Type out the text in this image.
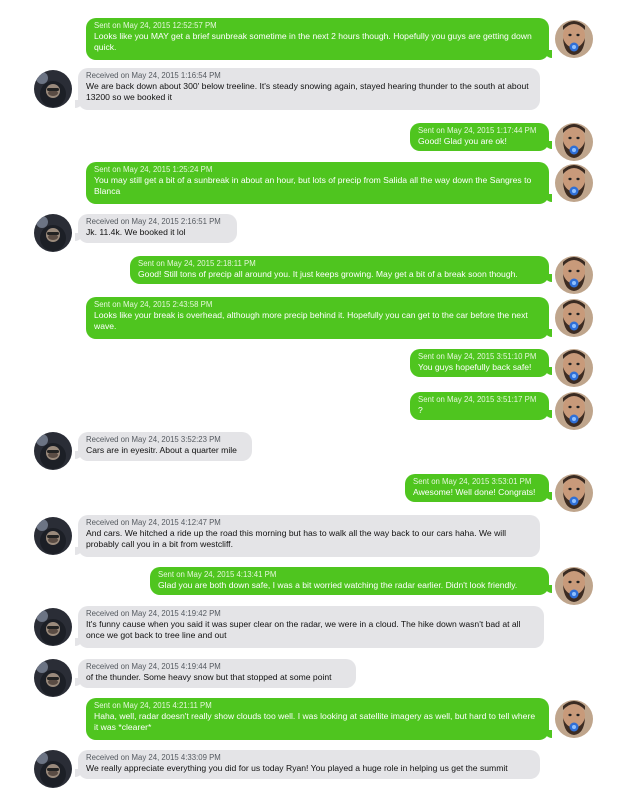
Sent on May 24, 2015 12:52:57 PM
Looks like you MAY get a brief sunbreak sometime in the next 2 hours though. Hopefully you guys are getting down quick.
Received on May 24, 2015 1:16:54 PM
We are back down about 300' below treeline. It's steady snowing again, stayed hearing thunder to the south at about 13200 so we booked it
Sent on May 24, 2015 1:17:44 PM
Good! Glad you are ok!
Sent on May 24, 2015 1:25:24 PM
You may still get a bit of a sunbreak in about an hour, but lots of precip from Salida all the way down the Sangres to Blanca
Received on May 24, 2015 2:16:51 PM
Jk. 11.4k. We booked it lol
Sent on May 24, 2015 2:18:11 PM
Good! Still tons of precip all around you. It just keeps growing. May get a bit of a break soon though.
Sent on May 24, 2015 2:43:58 PM
Looks like your break is overhead, although more precip behind it. Hopefully you can get to the car before the next wave.
Sent on May 24, 2015 3:51:10 PM
You guys hopefully back safe!
Sent on May 24, 2015 3:51:17 PM
?
Received on May 24, 2015 3:52:23 PM
Cars are in eyesitr. About a quarter mile
Sent on May 24, 2015 3:53:01 PM
Awesome! Well done! Congrats!
Received on May 24, 2015 4:12:47 PM
And cars. We hitched a ride up the road this morning but has to walk all the way back to our cars haha. We will probably call you in a bit from westcliff.
Sent on May 24, 2015 4:13:41 PM
Glad you are both down safe, I was a bit worried watching the radar earlier. Didn't look friendly.
Received on May 24, 2015 4:19:42 PM
It's funny cause when you said it was super clear on the radar, we were in a cloud. The hike down wasn't bad at all once we got back to tree line and out
Received on May 24, 2015 4:19:44 PM
of the thunder. Some heavy snow but that stopped at some point
Sent on May 24, 2015 4:21:11 PM
Haha, well, radar doesn't really show clouds too well. I was looking at satellite imagery as well, but hard to tell where it was *clearer*
Received on May 24, 2015 4:33:09 PM
We really appreciate everything you did for us today Ryan! You played a huge role in helping us get the summit
